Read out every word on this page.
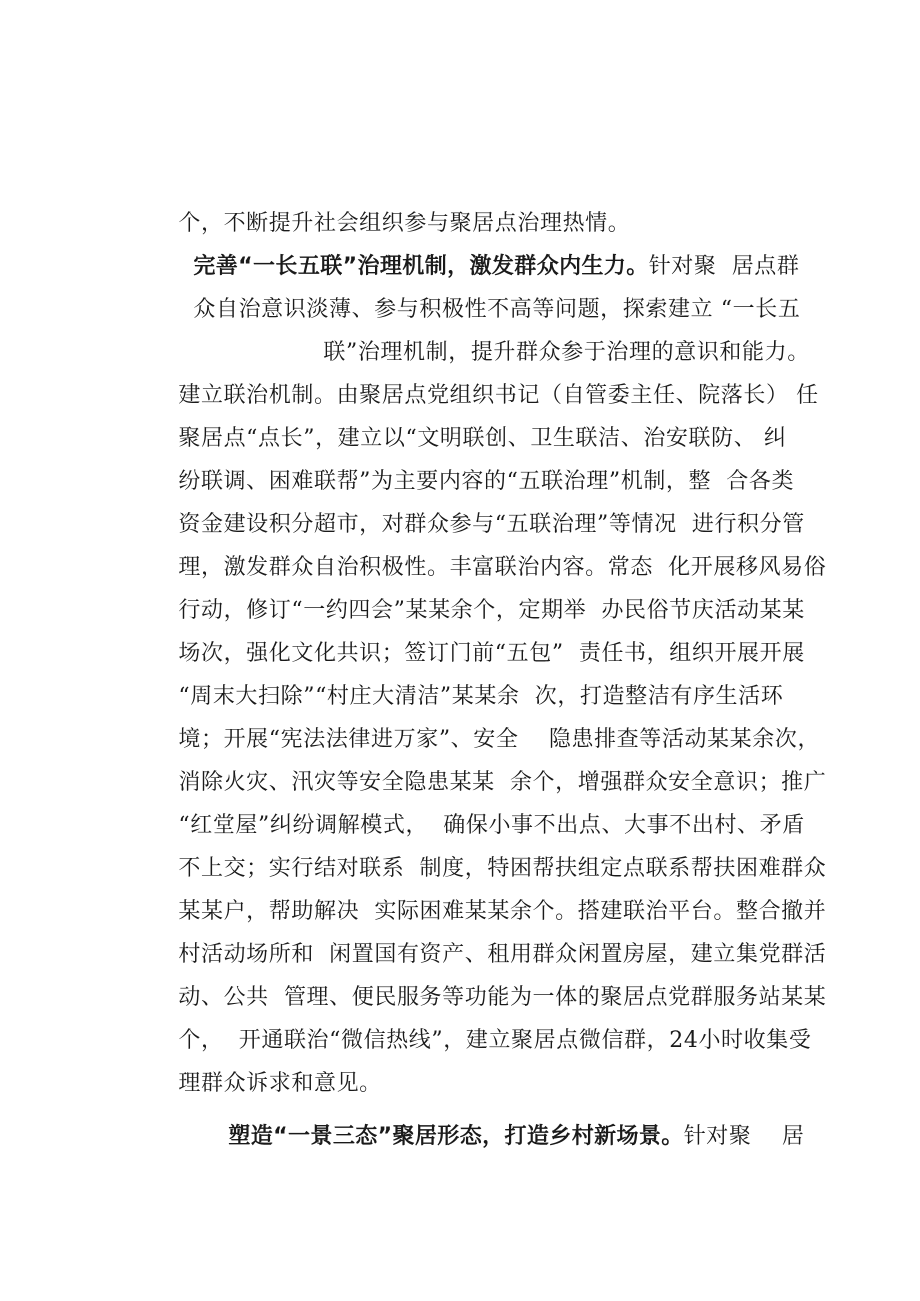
个，不断提升社会组织参与聚居点治理热情。

完善“一长五联”治理机制，激发群众内生力。针对聚  居点群

众自治意识淡薄、参与积极性不高等问题，探索建立 “一长五

联”治理机制，提升群众参于治理的意识和能力。

建立联治机制。由聚居点党组织书记（自管委主任、院落长） 任

聚居点“点长”，建立以“文明联创、卫生联洁、治安联防、 纠

纷联调、困难联帮”为主要内容的“五联治理”机制，整  合各类

资金建设积分超市，对群众参与“五联治理”等情况  进行积分管

理，激发群众自治积极性。丰富联治内容。常态  化开展移风易俗

行动，修订“一约四会”某某余个，定期举  办民俗节庆活动某某

场次，强化文化共识；签订门前“五包”  责任书，组织开展开展

“周末大扫除”“村庄大清洁”某某余  次，打造整洁有序生活环

境；开展“宪法法律进万家”、安全    隐患排查等活动某某余次，

消除火灾、汛灾等安全隐患某某  余个，增强群众安全意识；推广

“红堂屋”纠纷调解模式，  确保小事不出点、大事不出村、矛盾

不上交；实行结对联系  制度，特困帮扶组定点联系帮扶困难群众

某某户，帮助解决  实际困难某某余个。搭建联治平台。整合撤并

村活动场所和  闲置国有资产、租用群众闲置房屋，建立集党群活

动、公共  管理、便民服务等功能为一体的聚居点党群服务站某某

个，  开通联治“微信热线”，建立聚居点微信群，24小时收集受

理群众诉求和意见。

塑造“一景三态”聚居形态，打造乡村新场景。针对聚    居
